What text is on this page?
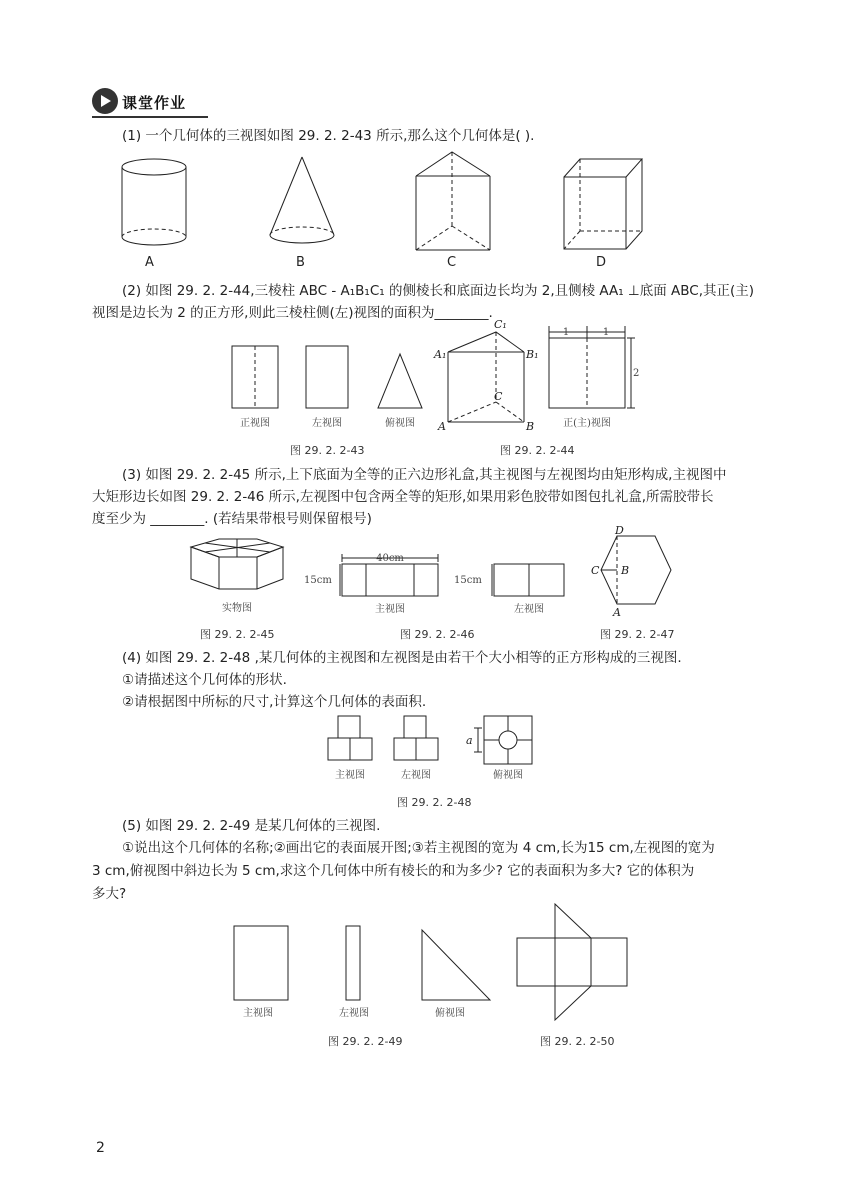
课堂作业
(1) 一个几何体的三视图如图 29. 2. 2-43 所示,那么这个几何体是( ).
A	B	C	D
(2) 如图 29. 2. 2-44,三棱柱 ABC - A₁B₁C₁ 的侧棱长和底面边长均为 2,且侧棱 AA₁ ⊥底面 ABC,其正(主)
视图是边长为 2 的正方形,则此三棱柱侧(左)视图的面积为________.
正视图	左视图	俯视图
A₁	B₁
C₁
A	B
C
1	1
2
正(主)视图
图 29. 2. 2-43	图 29. 2. 2-44
(3) 如图 29. 2. 2-45 所示,上下底面为全等的正六边形礼盒,其主视图与左视图均由矩形构成,主视图中
大矩形边长如图 29. 2. 2-46 所示,左视图中包含两全等的矩形,如果用彩色胶带如图包扎礼盒,所需胶带长
度至少为 ________. (若结果带根号则保留根号)
实物图
40cm
15cm
主视图
15cm
左视图
D
C B
A
图 29. 2. 2-45	图 29. 2. 2-46	图 29. 2. 2-47
(4) 如图 29. 2. 2-48 ,某几何体的主视图和左视图是由若干个大小相等的正方形构成的三视图.
①请描述这个几何体的形状.
②请根据图中所标的尺寸,计算这个几何体的表面积.
主视图	左视图
a
俯视图
图 29. 2. 2-48
(5) 如图 29. 2. 2-49 是某几何体的三视图.
①说出这个几何体的名称;②画出它的表面展开图;③若主视图的宽为 4 cm,长为15 cm,左视图的宽为
3 cm,俯视图中斜边长为 5 cm,求这个几何体中所有棱长的和为多少? 它的表面积为多大? 它的体积为
多大?
主视图	左视图	俯视图
图 29. 2. 2-49	图 29. 2. 2-50
2
